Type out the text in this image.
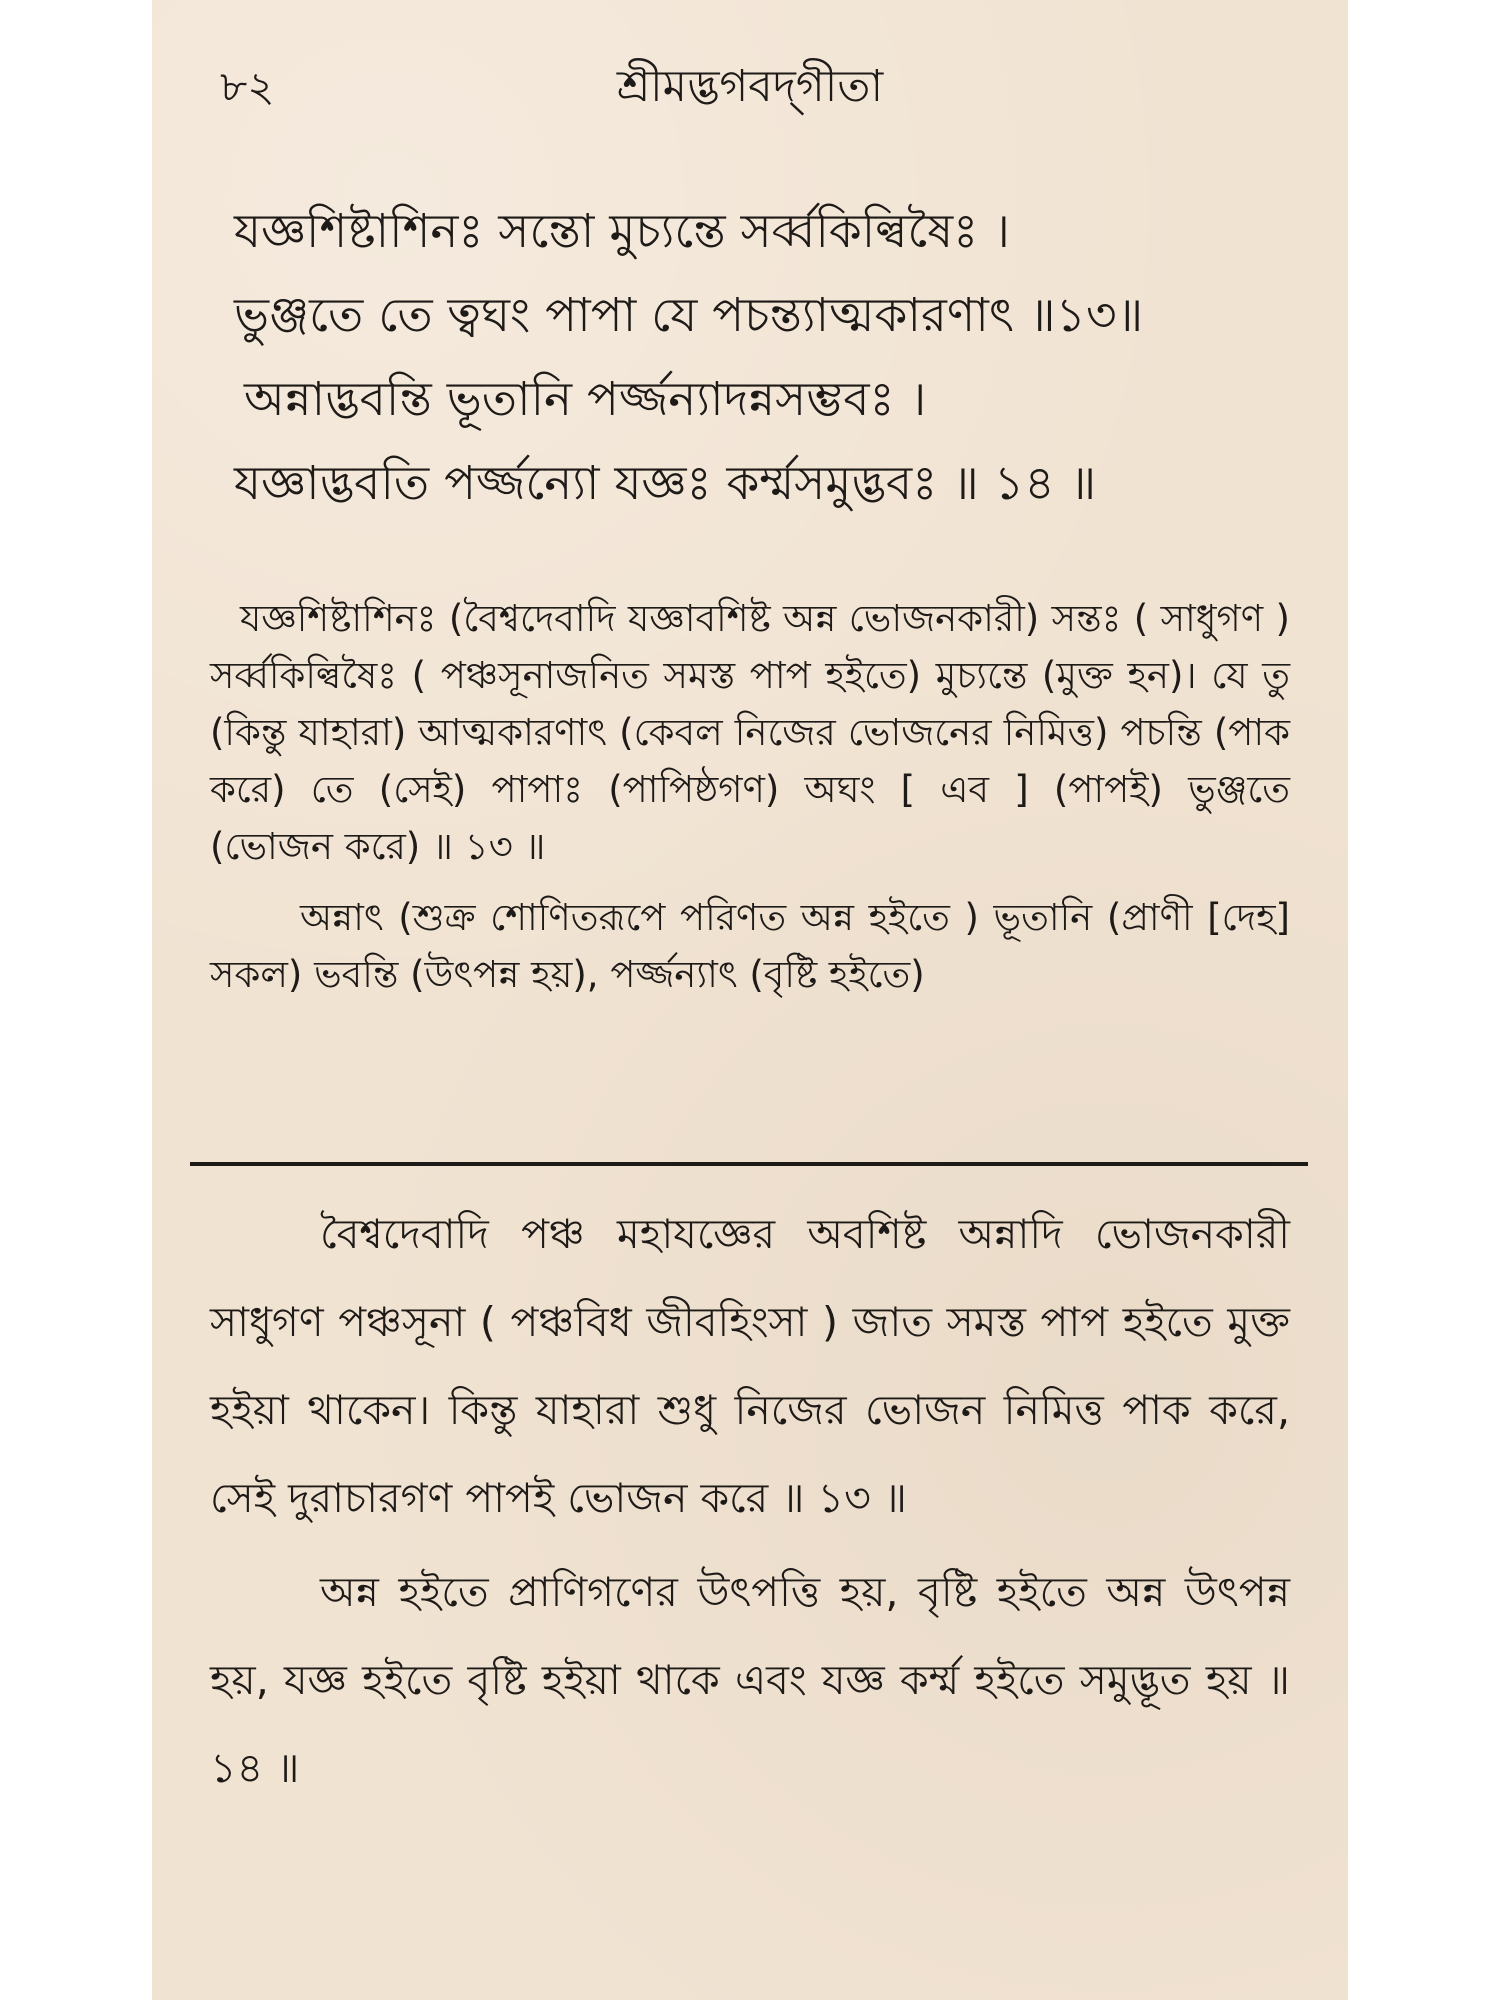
৮২	শ্রীমদ্ভগবদ্‌গীতা
যজ্ঞশিষ্টাশিনঃ সন্তো মুচ্যন্তে সর্ব্বকিল্বিষৈঃ ।
ভুঞ্জতে তে ত্বঘং পাপা যে পচন্ত্যাত্মকারণাৎ ॥১৩॥
অন্নাদ্ভবন্তি ভূতানি পর্জ্জন্যাদন্নসম্ভবঃ ।
যজ্ঞাদ্ভবতি পর্জ্জন্যো যজ্ঞঃ কর্ম্মসমুদ্ভবঃ ॥ ১৪ ॥

যজ্ঞশিষ্টাশিনঃ (বৈশ্বদেবাদি যজ্ঞাবশিষ্ট অন্ন ভোজনকারী) সন্তঃ ( সাধুগণ ) সর্ব্বকিল্বিষৈঃ ( পঞ্চসূনাজনিত সমস্ত পাপ হইতে) মুচ্যন্তে (মুক্ত হন)। যে তু (কিন্তু যাহারা) আত্মকারণাৎ (কেবল নিজের ভোজনের নিমিত্ত) পচন্তি (পাক করে) তে (সেই) পাপাঃ (পাপিষ্ঠগণ) অঘং [ এব ] (পাপই) ভুঞ্জতে (ভোজন করে) ॥ ১৩ ॥

অন্নাৎ (শুক্র শোণিতরূপে পরিণত অন্ন হইতে ) ভূতানি (প্রাণী [দেহ] সকল) ভবন্তি (উৎপন্ন হয়), পর্জ্জন্যাৎ (বৃষ্টি হইতে)

বৈশ্বদেবাদি পঞ্চ মহাযজ্ঞের অবশিষ্ট অন্নাদি ভোজনকারী সাধুগণ পঞ্চসূনা ( পঞ্চবিধ জীবহিংসা ) জাত সমস্ত পাপ হইতে মুক্ত হইয়া থাকেন। কিন্তু যাহারা শুধু নিজের ভোজন নিমিত্ত পাক করে, সেই দুরাচারগণ পাপই ভোজন করে ॥ ১৩ ॥

অন্ন হইতে প্রাণিগণের উৎপত্তি হয়, বৃষ্টি হইতে অন্ন উৎপন্ন হয়, যজ্ঞ হইতে বৃষ্টি হইয়া থাকে এবং যজ্ঞ কর্ম্ম হইতে সমুদ্ভূত হয় ॥ ১৪ ॥
